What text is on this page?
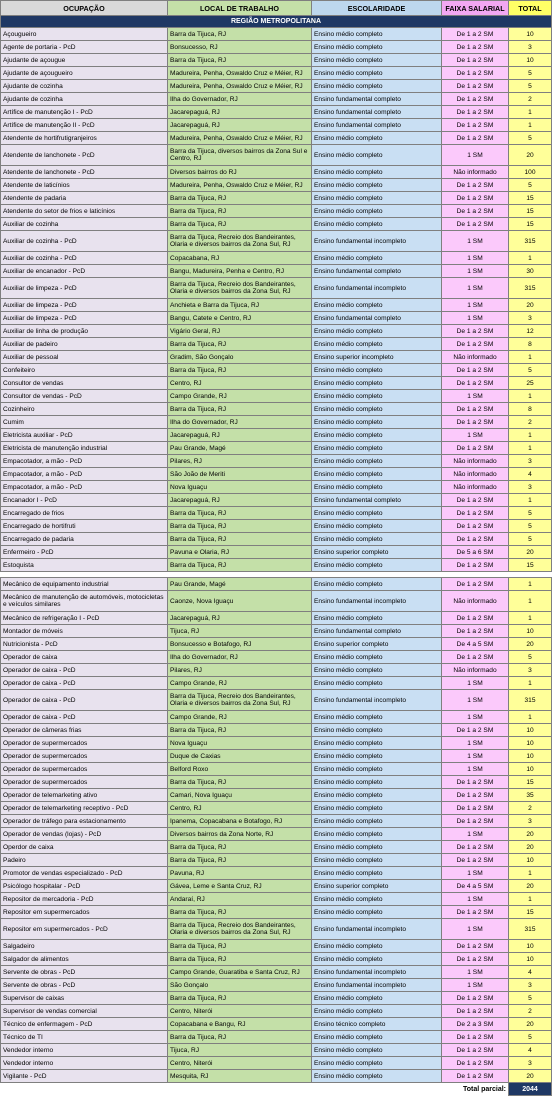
OCUPAÇÃO	LOCAL DE TRABALHO	ESCOLARIDADE	FAIXA SALARIAL	TOTAL
REGIÃO METROPOLITANA				
Açougueiro	Barra da Tijuca, RJ	Ensino médio completo	De 1 a 2 SM	10
Agente de portaria - PcD	Bonsucesso, RJ	Ensino médio completo	De 1 a 2 SM	3
Ajudante de açougue	Barra da Tijuca, RJ	Ensino médio completo	De 1 a 2 SM	10
Ajudante de açougueiro	Madureira, Penha, Oswaldo Cruz e Méier, RJ	Ensino médio completo	De 1 a 2 SM	5
Ajudante de cozinha	Madureira, Penha, Oswaldo Cruz e Méier, RJ	Ensino médio completo	De 1 a 2 SM	5
Ajudante de cozinha	Ilha do Governador, RJ	Ensino fundamental completo	De 1 a 2 SM	2
Artífice de manutenção I - PcD	Jacarepaguá, RJ	Ensino fundamental completo	De 1 a 2 SM	1
Artífice de manutenção II - PcD	Jacarepaguá, RJ	Ensino fundamental completo	De 1 a 2 SM	1
Atendente de hortifrutigranjeiros	Madureira, Penha, Oswaldo Cruz e Méier, RJ	Ensino médio completo	De 1 a 2 SM	5
Atendente de lanchonete - PcD	Barra da Tijuca, diversos bairros da Zona Sul e Centro, RJ	Ensino médio completo	1 SM	20
Atendente de lanchonete - PcD	Diversos bairros do RJ	Ensino médio completo	Não informado	100
Atendente de laticínios	Madureira, Penha, Oswaldo Cruz e Méier, RJ	Ensino médio completo	De 1 a 2 SM	5
Atendente de padaria	Barra da Tijuca, RJ	Ensino médio completo	De 1 a 2 SM	15
Atendente do setor de frios e laticínios	Barra da Tijuca, RJ	Ensino médio completo	De 1 a 2 SM	15
Auxiliar de cozinha	Barra da Tijuca, RJ	Ensino médio completo	De 1 a 2 SM	15
Auxiliar de cozinha - PcD	Barra da Tijuca, Recreio dos Bandeirantes, Olaria e diversos bairros da Zona Sul, RJ	Ensino fundamental incompleto	1 SM	315
Auxiliar de cozinha - PcD	Copacabana, RJ	Ensino médio completo	1 SM	1
Auxiliar de encanador - PcD	Bangu, Madureira, Penha e Centro, RJ	Ensino fundamental completo	1 SM	30
Auxiliar de limpeza - PcD	Barra da Tijuca, Recreio dos Bandeirantes, Olaria e diversos bairros da Zona Sul, RJ	Ensino fundamental incompleto	1 SM	315
Auxiliar de limpeza - PcD	Anchieta e Barra da Tijuca, RJ	Ensino médio completo	1 SM	20
Auxiliar de limpeza - PcD	Bangu, Catete e Centro, RJ	Ensino fundamental completo	1 SM	3
Auxiliar de linha de produção	Vigário Geral, RJ	Ensino médio completo	De 1 a 2 SM	12
Auxiliar de padeiro	Barra da Tijuca, RJ	Ensino médio completo	De 1 a 2 SM	8
Auxiliar de pessoal	Gradim, São Gonçalo	Ensino superior incompleto	Não informado	1
Confeiteiro	Barra da Tijuca, RJ	Ensino médio completo	De 1 a 2 SM	5
Consultor de vendas	Centro, RJ	Ensino médio completo	De 1 a 2 SM	25
Consultor de vendas - PcD	Campo Grande, RJ	Ensino médio completo	1 SM	1
Cozinheiro	Barra da Tijuca, RJ	Ensino médio completo	De 1 a 2 SM	8
Cumim	Ilha do Governador, RJ	Ensino médio completo	De 1 a 2 SM	2
Eletricista auxiliar - PcD	Jacarepaguá, RJ	Ensino médio completo	1 SM	1
Eletricista de manutenção industrial	Pau Grande, Magé	Ensino médio completo	De 1 a 2 SM	1
Empacotador, a mão - PcD	Pilares, RJ	Ensino médio completo	Não informado	3
Empacotador, a mão - PcD	São João de Meriti	Ensino médio completo	Não informado	4
Empacotador, a mão - PcD	Nova Iguaçu	Ensino médio completo	Não informado	3
Encanador I - PcD	Jacarepaguá, RJ	Ensino fundamental completo	De 1 a 2 SM	1
Encarregado de frios	Barra da Tijuca, RJ	Ensino médio completo	De 1 a 2 SM	5
Encarregado de hortifruti	Barra da Tijuca, RJ	Ensino médio completo	De 1 a 2 SM	5
Encarregado de padaria	Barra da Tijuca, RJ	Ensino médio completo	De 1 a 2 SM	5
Enfermeiro - PcD	Pavuna e Olaria, RJ	Ensino superior completo	De 5 a 6 SM	20
Estoquista	Barra da Tijuca, RJ	Ensino médio completo	De 1 a 2 SM	15

Mecânico de equipamento industrial	Pau Grande, Magé	Ensino médio completo	De 1 a 2 SM	1
Mecânico de manutenção de automóveis, motocicletas e veículos similares	Caonze, Nova Iguaçu	Ensino fundamental incompleto	Não informado	1
Mecânico de refrigeração I - PcD	Jacarepaguá, RJ	Ensino médio completo	De 1 a 2 SM	1
Montador de móveis	Tijuca, RJ	Ensino fundamental completo	De 1 a 2 SM	10
Nutricionista - PcD	Bonsucesso e Botafogo, RJ	Ensino superior completo	De 4 a 5 SM	20
Operador de caixa	Ilha do Governador, RJ	Ensino médio completo	De 1 a 2 SM	5
Operador de caixa - PcD	Pilares, RJ	Ensino médio completo	Não informado	3
Operador de caixa - PcD	Campo Grande, RJ	Ensino médio completo	1 SM	1
Operador de caixa - PcD	Barra da Tijuca, Recreio dos Bandeirantes, Olaria e diversos bairros da Zona Sul, RJ	Ensino fundamental incompleto	1 SM	315
Operador de caixa - PcD	Campo Grande, RJ	Ensino médio completo	1 SM	1
Operador de câmeras frias	Barra da Tijuca, RJ	Ensino médio completo	De 1 a 2 SM	10
Operador de supermercados	Nova Iguaçu	Ensino médio completo	1 SM	10
Operador de supermercados	Duque de Caxias	Ensino médio completo	1 SM	10
Operador de supermercados	Belford Roxo	Ensino médio completo	1 SM	10
Operador de supermercados	Barra da Tijuca, RJ	Ensino médio completo	De 1 a 2 SM	15
Operador de telemarketing ativo	Camari, Nova Iguaçu	Ensino médio completo	De 1 a 2 SM	35
Operador de telemarketing receptivo - PcD	Centro, RJ	Ensino médio completo	De 1 a 2 SM	2
Operador de tráfego para estacionamento	Ipanema, Copacabana e Botafogo, RJ	Ensino médio completo	De 1 a 2 SM	3
Operador de vendas (lojas) - PcD	Diversos bairros da Zona Norte, RJ	Ensino médio completo	1 SM	20
Operdor de caixa	Barra da Tijuca, RJ	Ensino médio completo	De 1 a 2 SM	20
Padeiro	Barra da Tijuca, RJ	Ensino médio completo	De 1 a 2 SM	10
Promotor de vendas especializado - PcD	Pavuna, RJ	Ensino médio completo	1 SM	1
Psicólogo hospitalar - PcD	Gávea, Leme e Santa Cruz, RJ	Ensino superior completo	De 4 a 5 SM	20
Repositor de mercadoria - PcD	Andaraí, RJ	Ensino médio completo	1 SM	1
Repositor em supermercados	Barra da Tijuca, RJ	Ensino médio completo	De 1 a 2 SM	15
Repositor em supermercados - PcD	Barra da Tijuca, Recreio dos Bandeirantes, Olaria e diversos bairros da Zona Sul, RJ	Ensino fundamental incompleto	1 SM	315
Salgadeiro	Barra da Tijuca, RJ	Ensino médio completo	De 1 a 2 SM	10
Salgador de alimentos	Barra da Tijuca, RJ	Ensino médio completo	De 1 a 2 SM	10
Servente de obras - PcD	Campo Grande, Guaratiba e Santa Cruz, RJ	Ensino fundamental incompleto	1 SM	4
Servente de obras - PcD	São Gonçalo	Ensino fundamental incompleto	1 SM	3
Supervisor de caixas	Barra da Tijuca, RJ	Ensino médio completo	De 1 a 2 SM	5
Supervisor de vendas comercial	Centro, Niterói	Ensino médio completo	De 1 a 2 SM	2
Técnico de enfermagem - PcD	Copacabana e Bangu, RJ	Ensino técnico completo	De 2 a 3 SM	20
Técnico de TI	Barra da Tijuca, RJ	Ensino médio completo	De 1 a 2 SM	5
Vendedor interno	Tijuca, RJ	Ensino médio completo	De 1 a 2 SM	4
Vendedor interno	Centro, Niterói	Ensino médio completo	De 1 a 2 SM	3
Vigilante - PcD	Mesquita, RJ	Ensino médio completo	De 1 a 2 SM	20
			Total parcial:	2044
